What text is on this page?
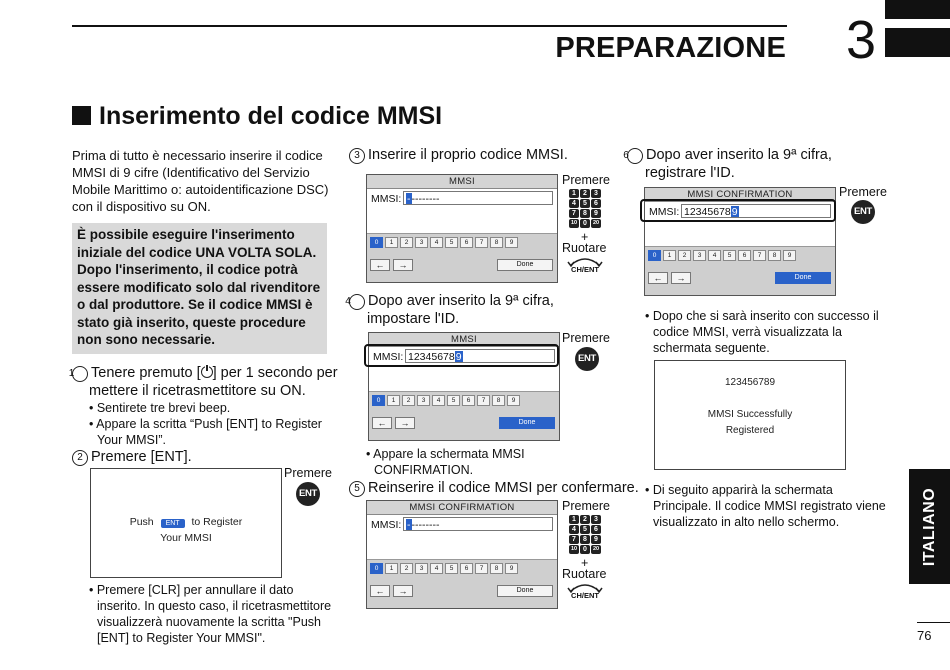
PREPARAZIONE 3
Inserimento del codice MMSI
Prima di tutto è necessario inserire il codice MMSI di 9 cifre (Identificativo del Servizio Mobile Marittimo o: autoidentificazione DSC) con il dispositivo su ON.
È possibile eseguire l'inserimento iniziale del codice UNA VOLTA SOLA. Dopo l'inserimento, il codice potrà essere modificato solo dal rivenditore o dal produttore. Se il codice MMSI è stato già inserito, queste procedure non sono necessarie.
1 Tenere premuto [ ] per 1 secondo per mettere il ricetrasmettitore su ON.
• Sentirete tre brevi beep.
• Appare la scritta “Push [ENT] to Register Your MMSI”.
2 Premere [ENT].
Premere
ENT
Push ENT to Register
Your MMSI
• Premere [CLR] per annullare il dato inserito. In questo caso, il ricetrasmettitore visualizzerà nuovamente la scritta "Push [ENT] to Register Your MMSI".
3 Inserire il proprio codice MMSI.
MMSI
MMSI: ---------
0	1	2	3	4	5	6	7	8	9
←	→	Done
Premere
1	2	3
4	5	6
7	8	9
10 0	20
+
Ruotare
CH/ENT
4 Dopo aver inserito la 9ª cifra, impostare l'ID.
MMSI
MMSI: 123456789
0	1	2	3	4	5	6	7	8	9
←	→	Done
Premere
ENT
• Appare la schermata MMSI CONFIRMATION.
5 Reinserire il codice MMSI per confermare.
MMSI CONFIRMATION
MMSI: ---------
0	1	2	3	4	5	6	7	8	9
←	→	Done
Premere
1	2	3
4	5	6
7	8	9
10 0	20
+
Ruotare
CH/ENT
6 Dopo aver inserito la 9ª cifra, registrare l'ID.
MMSI CONFIRMATION
MMSI: 123456789
0	1	2	3	4	5	6	7	8	9
←	→	Done
Premere
ENT
• Dopo che si sarà inserito con successo il codice MMSI, verrà visualizzata la schermata seguente.
123456789
MMSI Successfully
Registered
• Di seguito apparirà la schermata Principale. Il codice MMSI registrato viene visualizzato in alto nello schermo.	ITALIANO
76
